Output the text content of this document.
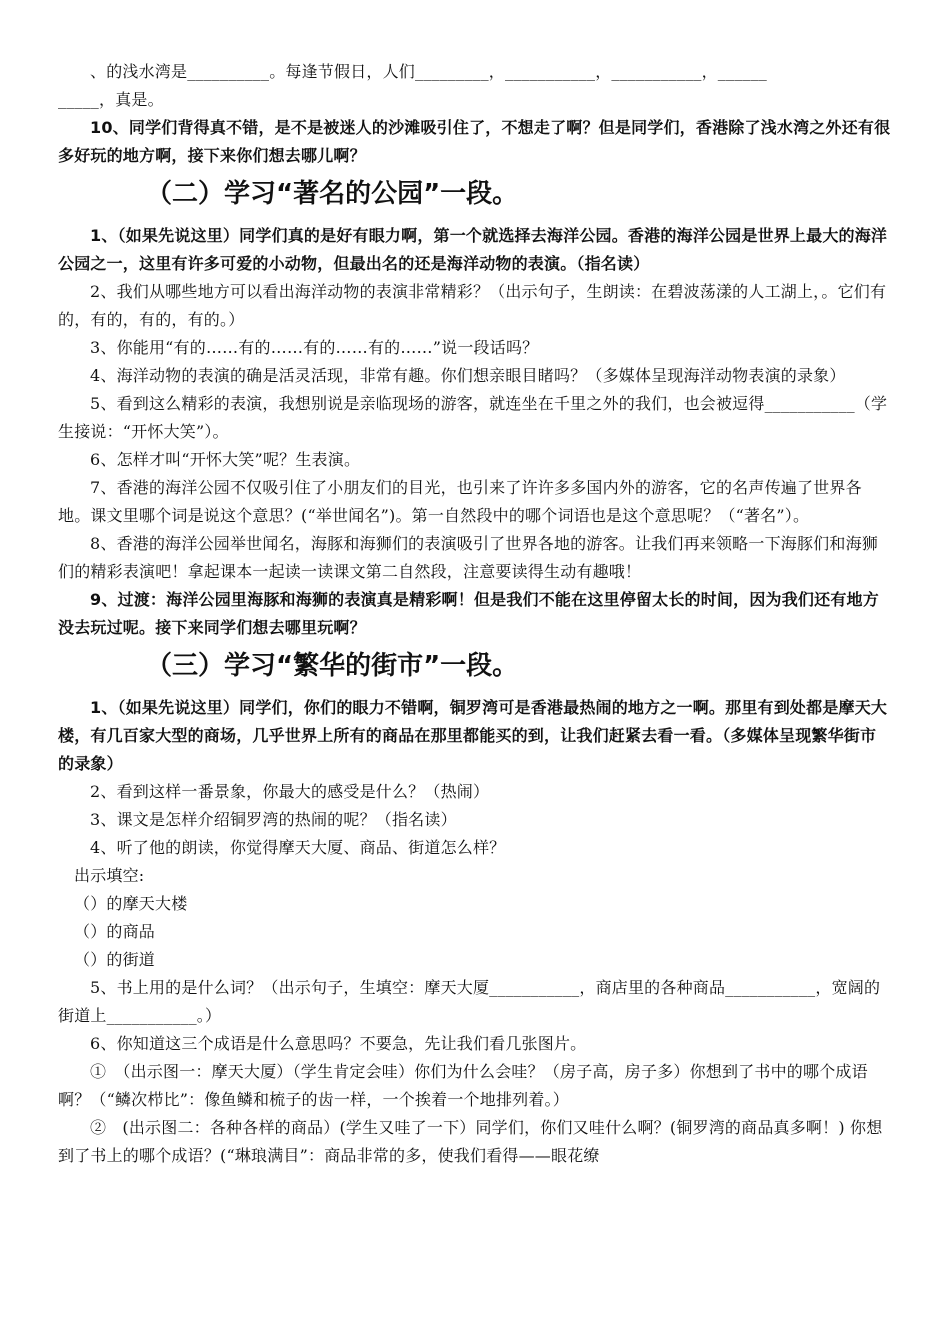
、的浅水湾是__________。每逢节假日，人们_________，___________，___________，______

_____，真是。

10、同学们背得真不错，是不是被迷人的沙滩吸引住了，不想走了啊？但是同学们，香港除了浅水湾之外还有很多好玩的地方啊，接下来你们想去哪儿啊？

（二）学习“著名的公园”一段。

1、（如果先说这里）同学们真的是好有眼力啊，第一个就选择去海洋公园。香港的海洋公园是世界上最大的海洋公园之一，这里有许多可爱的小动物，但最出名的还是海洋动物的表演。（指名读）

2、我们从哪些地方可以看出海洋动物的表演非常精彩？（出示句子，生朗读：在碧波荡漾的人工湖上，。它们有的，有的，有的，有的。）

3、你能用“有的……有的……有的……有的……”说一段话吗？

4、海洋动物的表演的确是活灵活现，非常有趣。你们想亲眼目睹吗？（多媒体呈现海洋动物表演的录象）

5、看到这么精彩的表演，我想别说是亲临现场的游客，就连坐在千里之外的我们，也会被逗得___________（学生接说：“开怀大笑”）。

6、怎样才叫“开怀大笑”呢？生表演。

7、香港的海洋公园不仅吸引住了小朋友们的目光，也引来了许许多多国内外的游客，它的名声传遍了世界各地。课文里哪个词是说这个意思？(“举世闻名”)。第一自然段中的哪个词语也是这个意思呢？（“著名”）。

8、香港的海洋公园举世闻名，海豚和海狮们的表演吸引了世界各地的游客。让我们再来领略一下海豚们和海狮们的精彩表演吧！拿起课本一起读一读课文第二自然段，注意要读得生动有趣哦！

9、过渡：海洋公园里海豚和海狮的表演真是精彩啊！但是我们不能在这里停留太长的时间，因为我们还有地方没去玩过呢。接下来同学们想去哪里玩啊？

（三）学习“繁华的街市”一段。

1、（如果先说这里）同学们，你们的眼力不错啊，铜罗湾可是香港最热闹的地方之一啊。那里有到处都是摩天大楼，有几百家大型的商场，几乎世界上所有的商品在那里都能买的到，让我们赶紧去看一看。（多媒体呈现繁华街市的录象）

2、看到这样一番景象，你最大的感受是什么？（热闹）

3、课文是怎样介绍铜罗湾的热闹的呢？（指名读）

4、听了他的朗读，你觉得摩天大厦、商品、街道怎么样？

出示填空:

（）的摩天大楼

（）的商品

（）的街道

5、书上用的是什么词？（出示句子，生填空：摩天大厦___________，商店里的各种商品___________，宽阔的街道上___________。）

6、你知道这三个成语是什么意思吗？不要急，先让我们看几张图片。

①　（出示图一：摩天大厦）（学生肯定会哇）你们为什么会哇？（房子高，房子多）你想到了书中的哪个成语啊？（“鳞次栉比”：像鱼鳞和梳子的齿一样，一个挨着一个地排列着。）

②　(出示图二：各种各样的商品）(学生又哇了一下）同学们，你们又哇什么啊？(铜罗湾的商品真多啊！) 你想到了书上的哪个成语？(“琳琅满目”：商品非常的多，使我们看得——眼花缭
